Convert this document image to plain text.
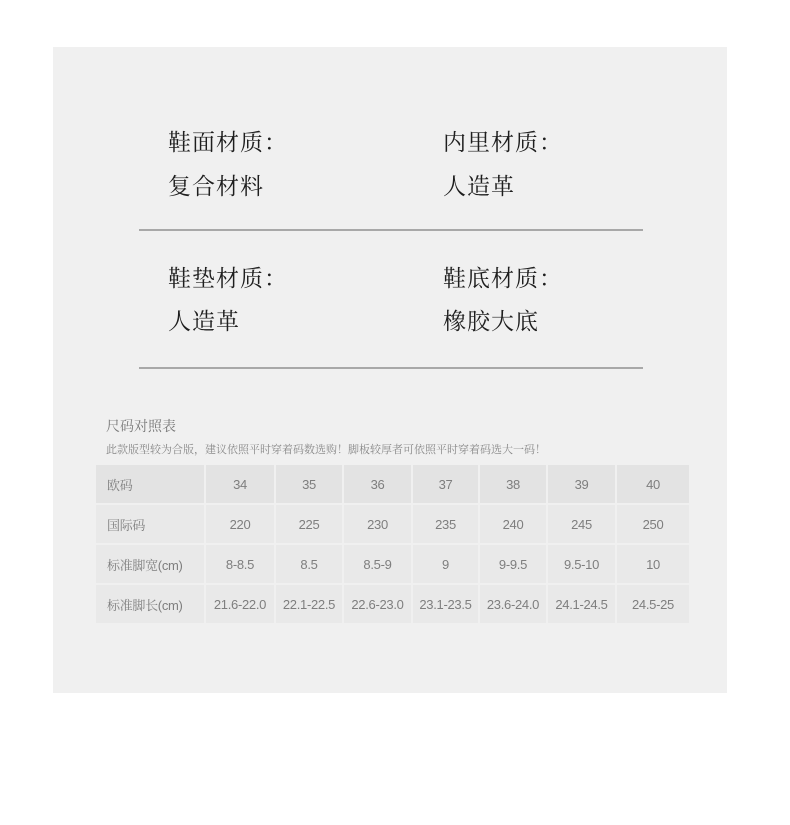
鞋面材质：
复合材料
内里材质：
人造革
鞋垫材质：
人造革
鞋底材质：
橡胶大底
尺码对照表
此款版型较为合版，建议依照平时穿着码数选购！脚板较厚者可依照平时穿着码选大一码！
欧码	34	35	36	37	38	39	40
国际码	220	225	230	235	240	245	250
标准脚宽(cm)	8-8.5	8.5	8.5-9	9	9-9.5	9.5-10	10
标准脚长(cm)	21.6-22.0	22.1-22.5	22.6-23.0	23.1-23.5	23.6-24.0	24.1-24.5	24.5-25
